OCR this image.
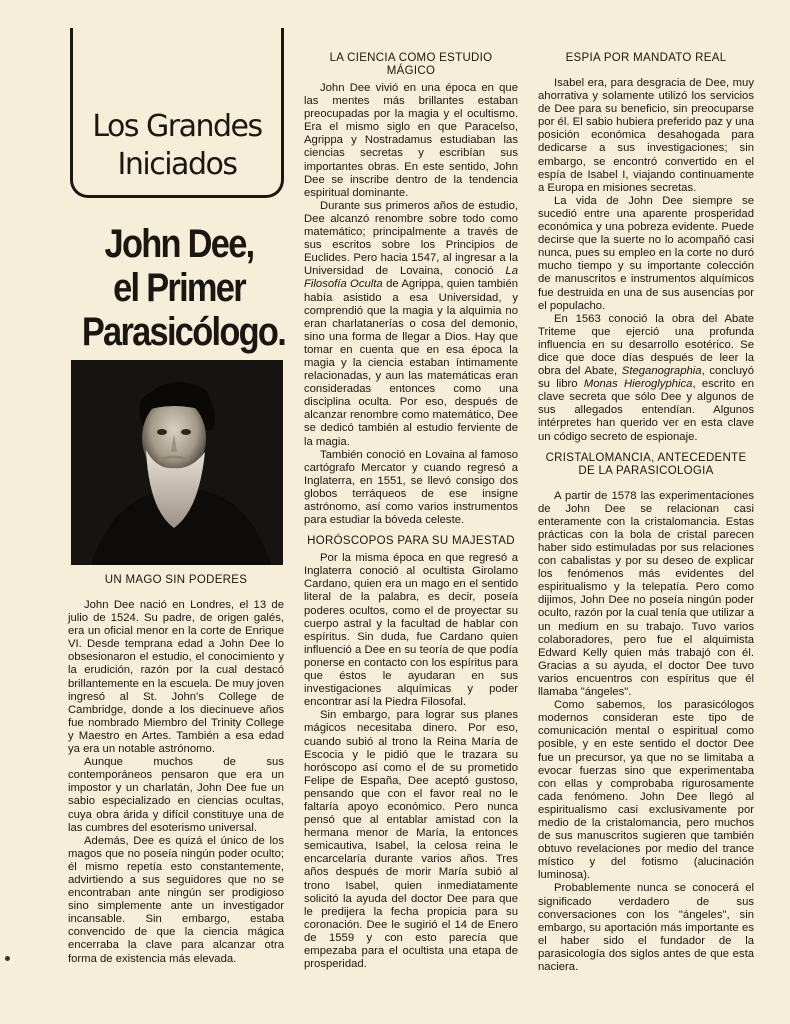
Los Grandes
Iniciados
John Dee,
el Primer
Parasicólogo.
UN MAGO SIN PODERES

John Dee nació en Londres, el 13 de julio de 1524. Su padre, de origen galés, era un oficial menor en la corte de Enrique VI. Desde temprana edad a John Dee lo obsesionaron el estudio, el conocimiento y la erudición, razón por la cual destacó brillantemente en la escuela. De muy joven ingresó al St. John's College de Cambridge, donde a los diecinueve años fue nombrado Miembro del Trinity College y Maestro en Artes. También a esa edad ya era un notable astrónomo.

Aunque muchos de sus contemporáneos pensaron que era un impostor y un charlatán, John Dee fue un sabio especializado en ciencias ocultas, cuya obra árida y difícil constituye una de las cumbres del esoterismo universal.

Además, Dee es quizá el único de los magos que no poseía ningún poder oculto; él mismo repetía esto constantemente, advirtiendo a sus seguidores que no se encontraban ante ningún ser prodigioso sino simplemente ante un investigador incansable. Sin embargo, estaba convencido de que la ciencia mágica encerraba la clave para alcanzar otra forma de existencia más elevada.

LA CIENCIA COMO ESTUDIO MÁGICO

John Dee vivió en una época en que las mentes más brillantes estaban preocupadas por la magia y el ocultismo. Era el mismo siglo en que Paracelso, Agrippa y Nostradamus estudiaban las ciencias secretas y escribían sus importantes obras. En este sentido, John Dee se inscribe dentro de la tendencia espiritual dominante.

Durante sus primeros años de estudio, Dee alcanzó renombre sobre todo como matemático; principalmente a través de sus escritos sobre los Principios de Euclides. Pero hacia 1547, al ingresar a la Universidad de Lovaina, conoció La Filosofía Oculta de Agrippa, quien también había asistido a esa Universidad, y comprendió que la magia y la alquimia no eran charlatanerías o cosa del demonio, sino una forma de llegar a Dios. Hay que tomar en cuenta que en esa época la magia y la ciencia estaban íntimamente relacionadas, y aun las matemáticas eran consideradas entonces como una disciplina oculta. Por eso, después de alcanzar renombre como matemático, Dee se dedicó también al estudio ferviente de la magia.

También conoció en Lovaina al famoso cartógrafo Mercator y cuando regresó a Inglaterra, en 1551, se llevó consigo dos globos terráqueos de ese insigne astrónomo, así como varios instrumentos para estudiar la bóveda celeste.

HORÓSCOPOS PARA SU MAJESTAD

Por la misma época en que regresó a Inglaterra conoció al ocultista Girolamo Cardano, quien era un mago en el sentido literal de la palabra, es decir, poseía poderes ocultos, como el de proyectar su cuerpo astral y la facultad de hablar con espíritus. Sin duda, fue Cardano quien influenció a Dee en su teoría de que podía ponerse en contacto con los espíritus para que éstos le ayudaran en sus investigaciones alquímicas y poder encontrar así la Piedra Filosofal.

Sin embargo, para lograr sus planes mágicos necesitaba dinero. Por eso, cuando subió al trono la Reina María de Escocia y le pidió que le trazara su horóscopo así como el de su prometido Felipe de España, Dee aceptó gustoso, pensando que con el favor real no le faltaría apoyo económico. Pero nunca pensó que al entablar amistad con la hermana menor de María, la entonces semicautiva, Isabel, la celosa reina le encarcelaría durante varios años. Tres años después de morir María subió al trono Isabel, quien inmediatamente solicitó la ayuda del doctor Dee para que le predijera la fecha propicia para su coronación. Dee le sugirió el 14 de Enero de 1559 y con esto parecía que empezaba para el ocultista una etapa de prosperidad.

ESPIA POR MANDATO REAL

Isabel era, para desgracia de Dee, muy ahorrativa y solamente utilizó los servicios de Dee para su beneficio, sin preocuparse por él. El sabio hubiera preferido paz y una posición económica desahogada para dedicarse a sus investigaciones; sin embargo, se encontró convertido en el espía de Isabel I, viajando continuamente a Europa en misiones secretas.

La vida de John Dee siempre se sucedió entre una aparente prosperidad económica y una pobreza evidente. Puede decirse que la suerte no lo acompañó casi nunca, pues su empleo en la corte no duró mucho tiempo y su importante colección de manuscritos e instrumentos alquímicos fue destruida en una de sus ausencias por el populacho.

En 1563 conoció la obra del Abate Triteme que ejerció una profunda influencia en su desarrollo esotérico. Se dice que doce días después de leer la obra del Abate, Steganographia, concluyó su libro Monas Hieroglyphica, escrito en clave secreta que sólo Dee y algunos de sus allegados entendían. Algunos intérpretes han querido ver en esta clave un código secreto de espionaje.

CRISTALOMANCIA, ANTECEDENTE DE LA PARASICOLOGIA

A partir de 1578 las experimentaciones de John Dee se relacionan casi enteramente con la cristalomancia. Estas prácticas con la bola de cristal parecen haber sido estimuladas por sus relaciones con cabalistas y por su deseo de explicar los fenómenos más evidentes del espiritualismo y la telepatía. Pero como dijimos, John Dee no poseía ningún poder oculto, razón por la cual tenía que utilizar a un medium en su trabajo. Tuvo varios colaboradores, pero fue el alquimista Edward Kelly quien más trabajó con él. Gracias a su ayuda, el doctor Dee tuvo varios encuentros con espíritus que él llamaba "ángeles".

Como sabemos, los parasicólogos modernos consideran este tipo de comunicación mental o espiritual como posible, y en este sentido el doctor Dee fue un precursor, ya que no se limitaba a evocar fuerzas sino que experimentaba con ellas y comprobaba rigurosamente cada fenómeno. John Dee llegó al espiritualismo casi exclusivamente por medio de la cristalomancia, pero muchos de sus manuscritos sugieren que también obtuvo revelaciones por medio del trance místico y del fotismo (alucinación luminosa).

Probablemente nunca se conocerá el significado verdadero de sus conversaciones con los "ángeles", sin embargo, su aportación más importante es el haber sido el fundador de la parasicología dos siglos antes de que esta naciera.
